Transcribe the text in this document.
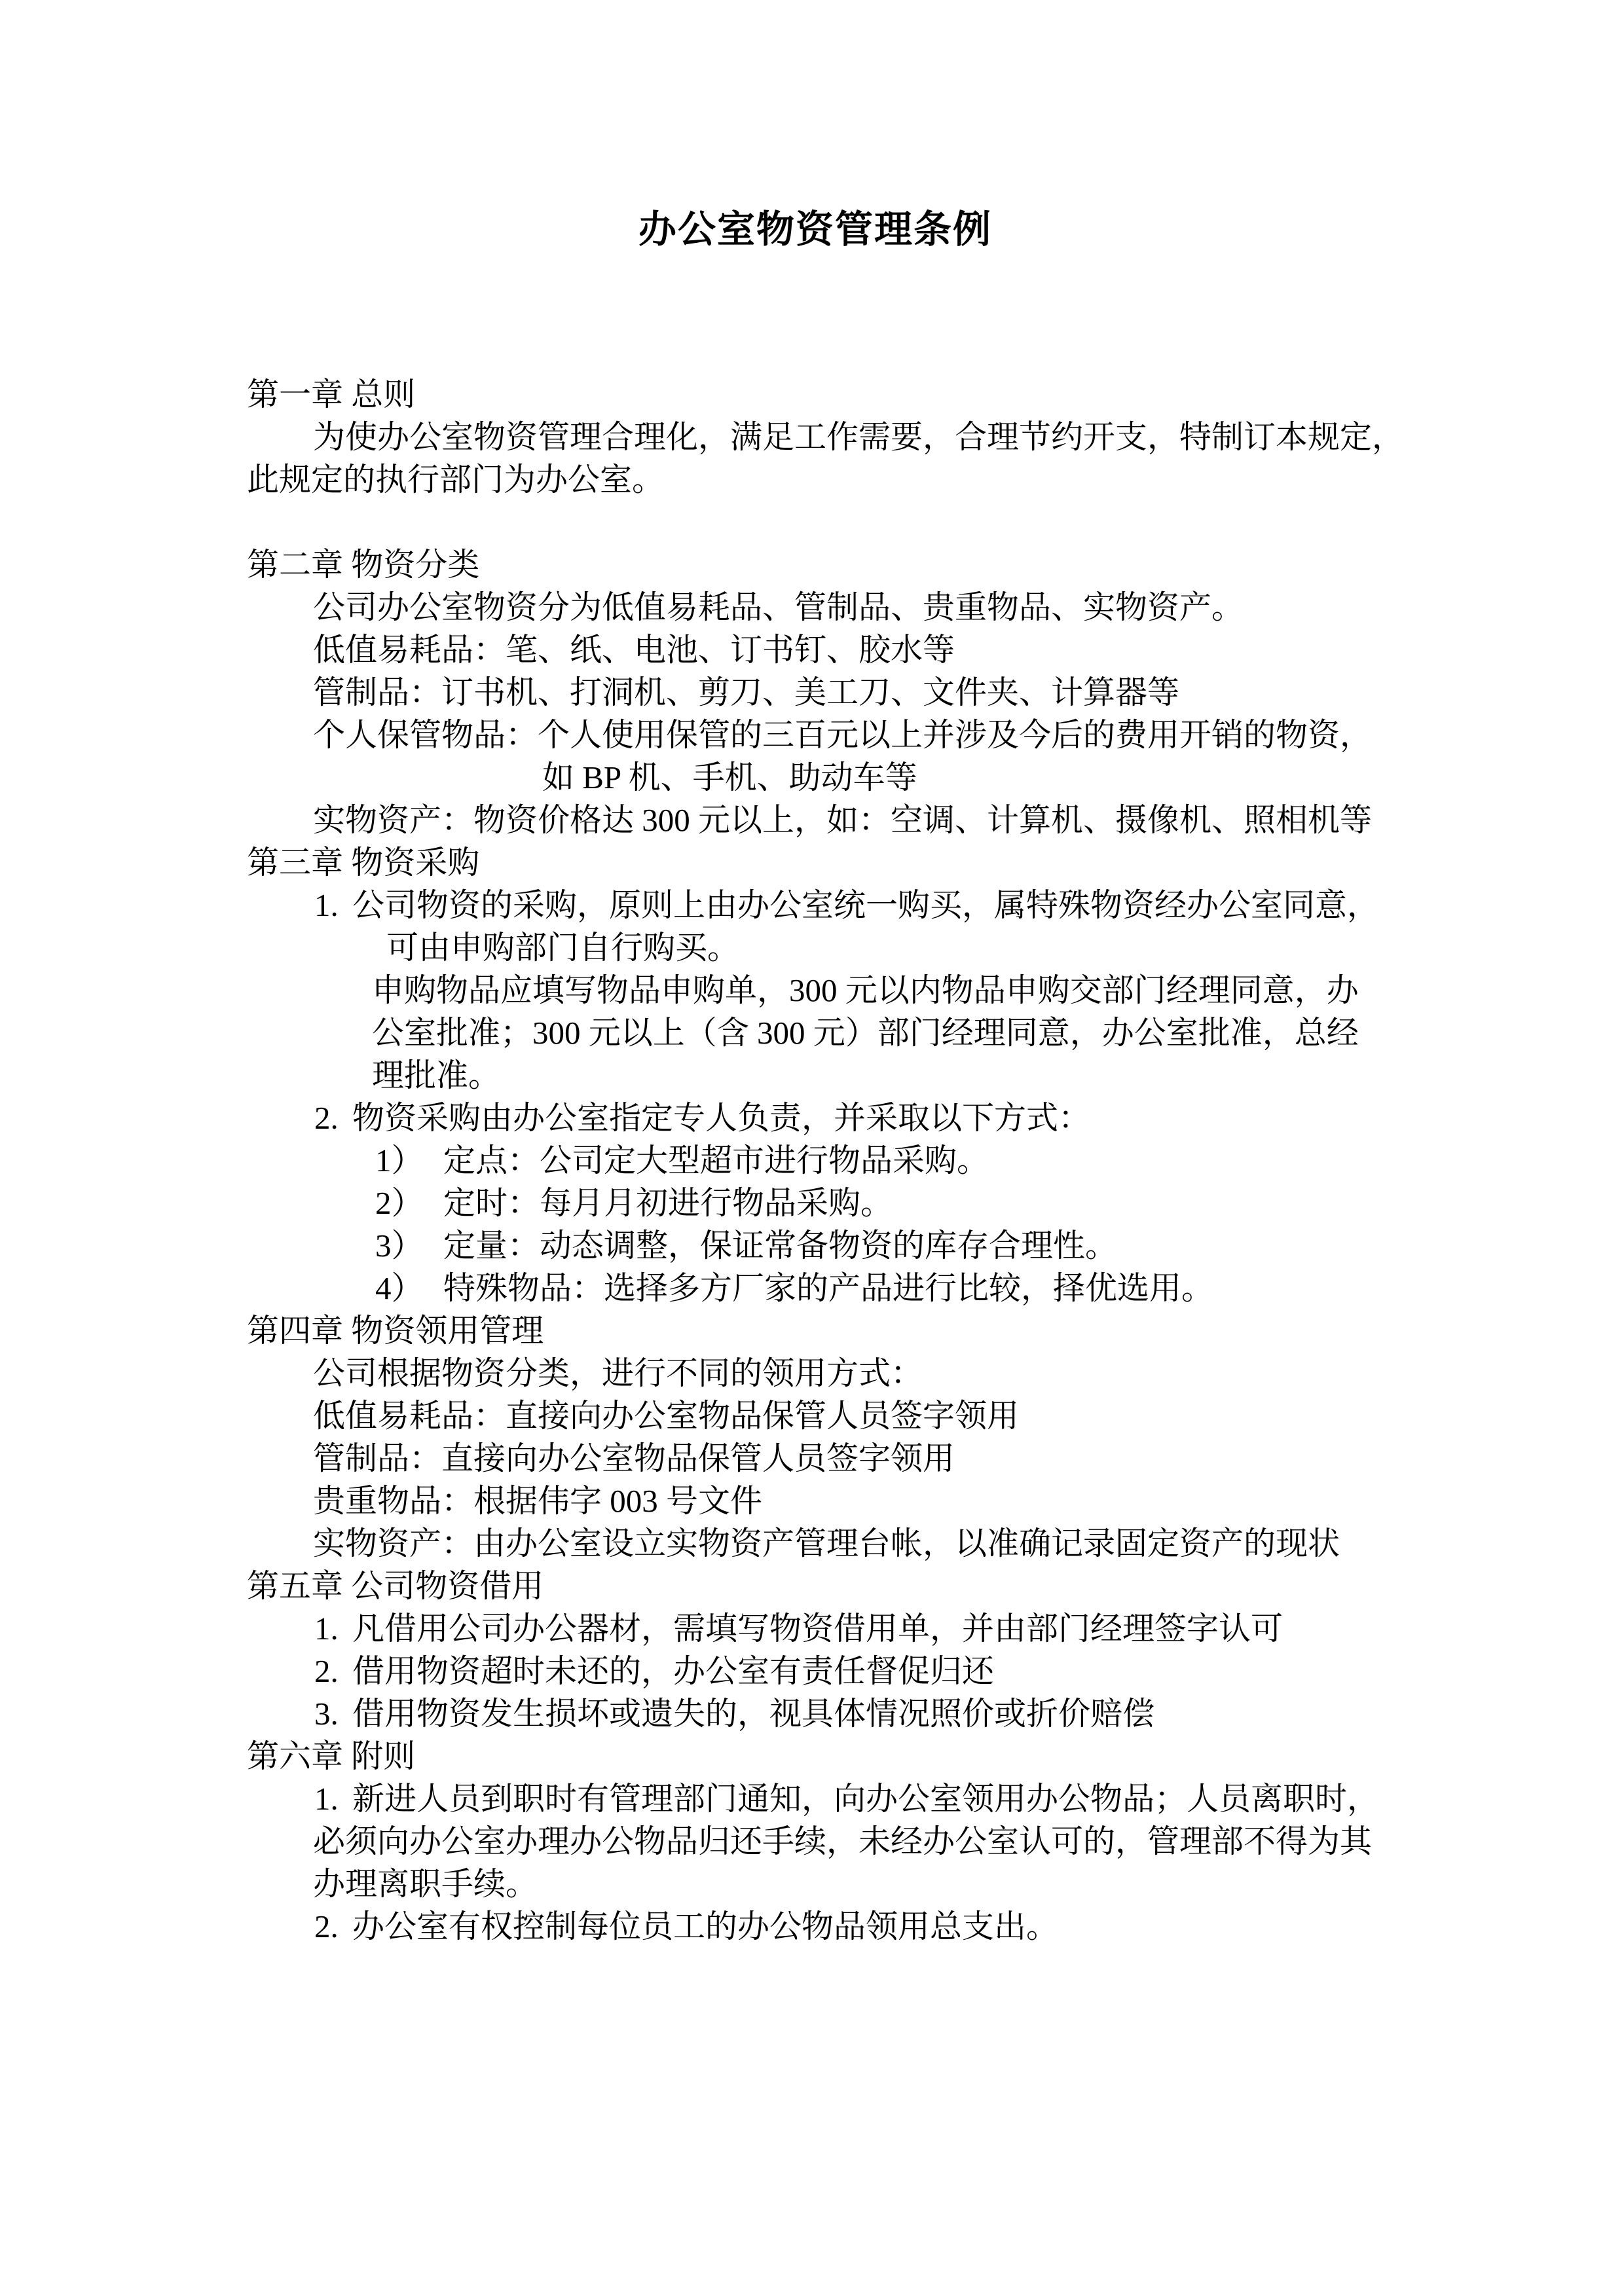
办公室物资管理条例
第一章 总则
为使办公室物资管理合理化，满足工作需要，合理节约开支，特制订本规定，
此规定的执行部门为办公室。
第二章 物资分类
公司办公室物资分为低值易耗品、管制品、贵重物品、实物资产。
低值易耗品：笔、纸、电池、订书钉、胶水等
管制品：订书机、打洞机、剪刀、美工刀、文件夹、计算器等
个人保管物品：个人使用保管的三百元以上并涉及今后的费用开销的物资，
如 BP 机、手机、助动车等
实物资产：物资价格达 300 元以上，如：空调、计算机、摄像机、照相机等
第三章 物资采购
1. 公司物资的采购，原则上由办公室统一购买，属特殊物资经办公室同意，
可由申购部门自行购买。
申购物品应填写物品申购单，300 元以内物品申购交部门经理同意，办
公室批准；300 元以上（含 300 元）部门经理同意，办公室批准，总经
理批准。
2. 物资采购由办公室指定专人负责，并采取以下方式：
1） 定点：公司定大型超市进行物品采购。
2） 定时：每月月初进行物品采购。
3） 定量：动态调整，保证常备物资的库存合理性。
4） 特殊物品：选择多方厂家的产品进行比较，择优选用。
第四章 物资领用管理
公司根据物资分类，进行不同的领用方式：
低值易耗品：直接向办公室物品保管人员签字领用
管制品：直接向办公室物品保管人员签字领用
贵重物品：根据伟字 003 号文件
实物资产：由办公室设立实物资产管理台帐，以准确记录固定资产的现状
第五章 公司物资借用
1. 凡借用公司办公器材，需填写物资借用单，并由部门经理签字认可
2. 借用物资超时未还的，办公室有责任督促归还
3. 借用物资发生损坏或遗失的，视具体情况照价或折价赔偿
第六章 附则
1. 新进人员到职时有管理部门通知，向办公室领用办公物品；人员离职时，
必须向办公室办理办公物品归还手续，未经办公室认可的，管理部不得为其
办理离职手续。
2. 办公室有权控制每位员工的办公物品领用总支出。
